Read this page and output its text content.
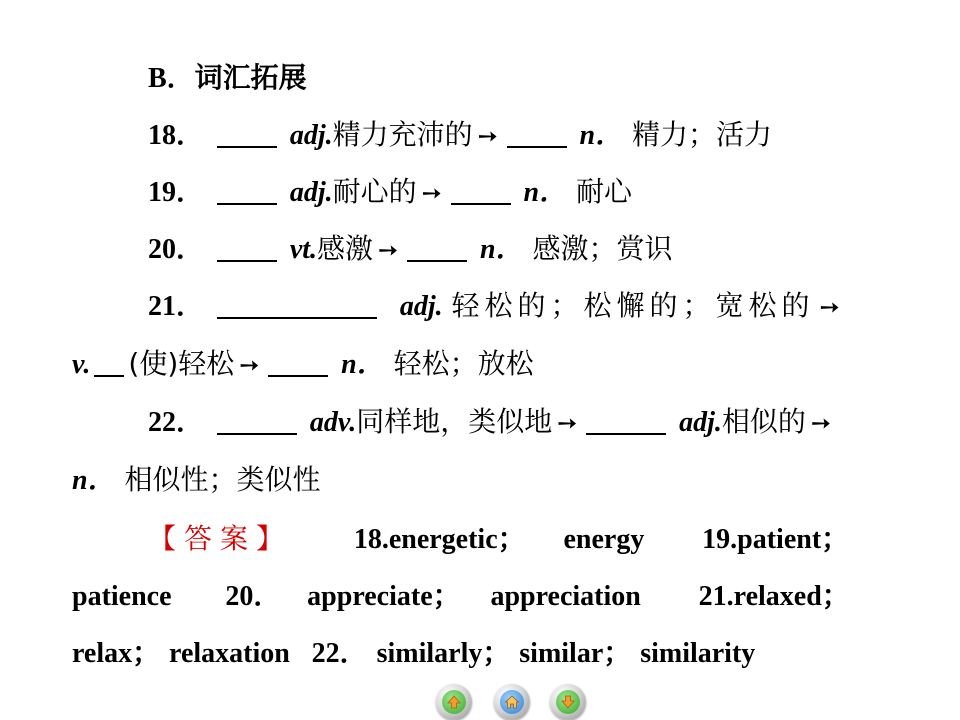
B．词汇拓展
18．	adj.精力充沛的 ➙	n． 精力；活力
19．	adj.耐心的 ➙	n． 耐心
20．	vt.感激 ➙	n． 感激；赏识
21．	adj. 轻松的；松懈的；宽松的 ➙
v. (使)轻松 ➙	n． 轻松；放松
22．	adv.同样地，类似地 ➙	adj.相似的 ➙
n． 相似性；类似性
【答案】 18.energetic； energy 19.patient；
patience 20． appreciate； appreciation 21.relaxed；
relax； relaxation 22． similarly； similar； similarity
